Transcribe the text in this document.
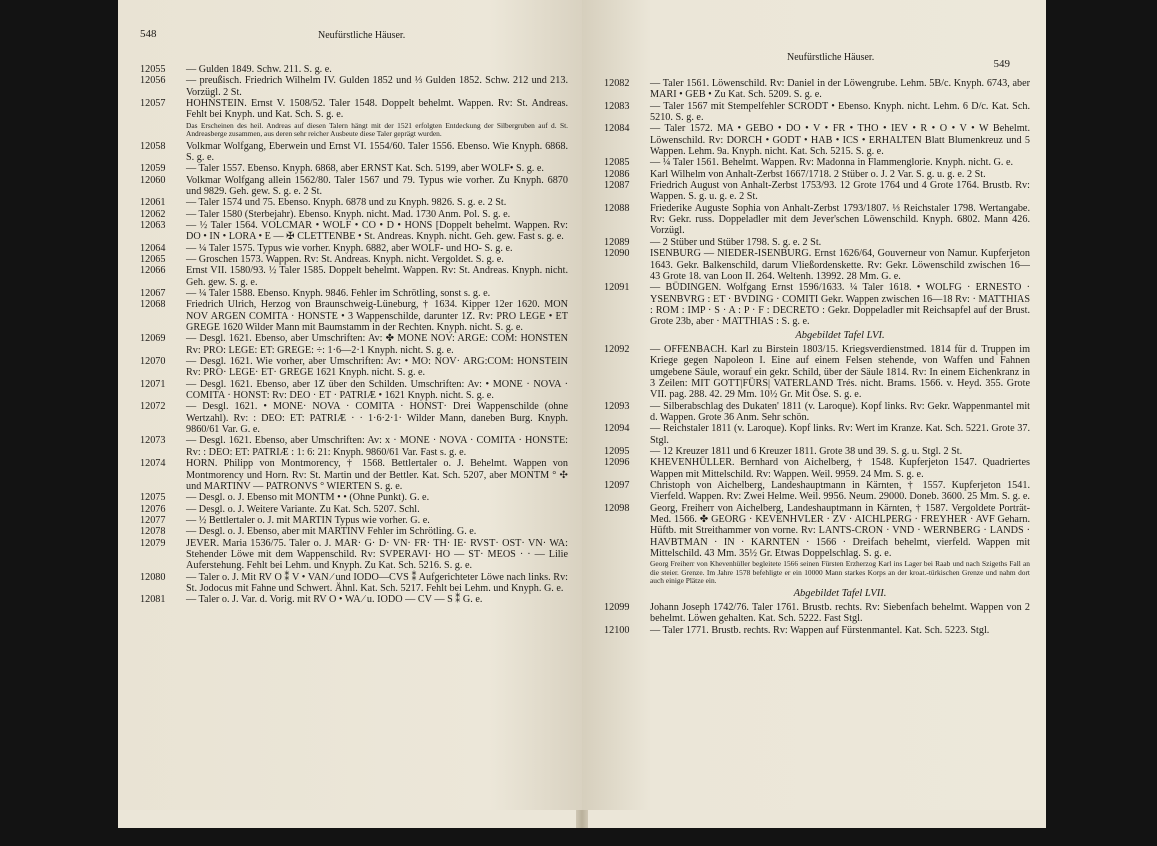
548	Neufürstliche Häuser.
12055	— Gulden 1849. Schw. 211. S. g. e.
12056	— preußisch. Friedrich Wilhelm IV. Gulden 1852 und ⅓ Gulden 1852. Schw. 212 und 213. Vorzügl. 2 St.
12057	HOHNSTEIN. Ernst V. 1508/52. Taler 1548. Doppelt behelmt. Wappen. Rv: St. Andreas. Fehlt bei Knyph. und Kat. Sch. S. g. e.
Das Erscheinen des heil. Andreas auf diesen Talern hängt mit der 1521 erfolgten Entdeckung der Silbergruben auf d. St. Andreasberge zusammen, aus deren sehr reicher Ausbeute diese Taler geprägt wurden.
12058	Volkmar Wolfgang, Eberwein und Ernst VI. 1554/60. Taler 1556. Ebenso. Wie Knyph. 6868. S. g. e.
12059	— Taler 1557. Ebenso. Knyph. 6868, aber ERNST Kat. Sch. 5199, aber WOLF• S. g. e.
12060	Volkmar Wolfgang allein 1562/80. Taler 1567 und 79. Typus wie vorher. Zu Knyph. 6870 und 9829. Geh. gew. S. g. e. 2 St.
12061	— Taler 1574 und 75. Ebenso. Knyph. 6878 und zu Knyph. 9826. S. g. e. 2 St.
12062	— Taler 1580 (Sterbejahr). Ebenso. Knyph. nicht. Mad. 1730 Anm. Pol. S. g. e.
12063	— ½ Taler 1564. VOLCMAR • WOLF • CO • D • HONS [Doppelt behelmt. Wappen. Rv: DO • IN • LORA • E — ✠ CLETTENBE • St. Andreas. Knyph. nicht. Geh. gew. Fast s. g. e.
12064	— ¼ Taler 1575. Typus wie vorher. Knyph. 6882, aber WOLF- und HO- S. g. e.
12065	— Groschen 1573. Wappen. Rv: St. Andreas. Knyph. nicht. Vergoldet. S. g. e.
12066	Ernst VII. 1580/93. ½ Taler 1585. Doppelt behelmt. Wappen. Rv: St. Andreas. Knyph. nicht. Geh. gew. S. g. e.
12067	— ¼ Taler 1588. Ebenso. Knyph. 9846. Fehler im Schrötling, sonst s. g. e.
12068	Friedrich Ulrich, Herzog von Braunschweig-Lüneburg, † 1634. Kipper 12er 1620. MON NOV ARGEN COMITA · HONSTE • 3 Wappenschilde, darunter 1Z. Rv: PRO LEGE • ET GREGE 1620 Wilder Mann mit Baumstamm in der Rechten. Knyph. nicht. S. g. e.
12069	— Desgl. 1621. Ebenso, aber Umschriften: Av: ✤ MONE NOV: ARGE: COM: HONSTEN Rv: PRO: LEGE: ET: GREGE: ÷: 1·6—2·1 Knyph. nicht. S. g. e.
12070	— Desgl. 1621. Wie vorher, aber Umschriften: Av: • MO: NOV· ARG:COM: HONSTEIN Rv: PRO· LEGE· ET· GREGE 1621 Knyph. nicht. S. g. e.
12071	— Desgl. 1621. Ebenso, aber 1Z über den Schilden. Umschriften: Av: • MONE · NOVA · COMITA · HONST: Rv: DEO · ET · PATRIÆ • 1621 Knyph. nicht. S. g. e.
12072	— Desgl. 1621. • MONE· NOVA · COMITA · HONST· Drei Wappenschilde (ohne Wertzahl). Rv: : DEO: ET: PATRIÆ · · 1·6·2·1· Wilder Mann, daneben Burg. Knyph. 9860/61 Var. G. e.
12073	— Desgl. 1621. Ebenso, aber Umschriften: Av: x · MONE · NOVA · COMITA · HONSTE: Rv: : DEO: ET: PATRIÆ : 1: 6: 21: Knyph. 9860/61 Var. Fast s. g. e.
12074	HORN. Philipp von Montmorency, † 1568. Bettlertaler o. J. Behelmt. Wappen von Montmorency und Horn. Rv: St. Martin und der Bettler. Kat. Sch. 5207, aber MONTM ° ✣ und MARTINV — PATRONVS ° WIERTEN S. g. e.
12075	— Desgl. o. J. Ebenso mit MONTM • • (Ohne Punkt). G. e.
12076	— Desgl. o. J. Weitere Variante. Zu Kat. Sch. 5207. Schl.
12077	— ½ Bettlertaler o. J. mit MARTIN Typus wie vorher. G. e.
12078	— Desgl. o. J. Ebenso, aber mit MARTINV Fehler im Schrötling. G. e.
12079	JEVER. Maria 1536/75. Taler o. J. MAR· G· D· VN· FR· TH· IE· RVST· OST· VN· WA: Stehender Löwe mit dem Wappenschild. Rv: SVPERAVI· HO — ST· MEOS · · — Lilie Auferstehung. Fehlt bei Lehm. und Knyph. Zu Kat. Sch. 5216. S. g. e.
12080	— Taler o. J. Mit RV O ⁑ V • VAN ⁄ und IODO—CVS ⁑ Aufgerichteter Löwe nach links. Rv: St. Jodocus mit Fahne und Schwert. Ähnl. Kat. Sch. 5217. Fehlt bei Lehm. und Knyph. G. e.
12081	— Taler o. J. Var. d. Vorig. mit RV O • WA ⁄ u. IODO — CV — S ⁑ G. e.
Neufürstliche Häuser.
549
12082	— Taler 1561. Löwenschild. Rv: Daniel in der Löwengrube. Lehm. 5B/c. Knyph. 6743, aber MARI • GEB • Zu Kat. Sch. 5209. S. g. e.
12083	— Taler 1567 mit Stempelfehler SCRODT • Ebenso. Knyph. nicht. Lehm. 6 D/c. Kat. Sch. 5210. S. g. e.
12084	— Taler 1572. MA • GEBO • DO • V • FR • THO • IEV • R • O • V • W Behelmt. Löwenschild. Rv: DORCH • GODT • HAB • ICS • ERHALTEN Blatt Blumenkreuz und 5 Wappen. Lehm. 9a. Knyph. nicht. Kat. Sch. 5215. S. g. e.
12085	— ¼ Taler 1561. Behelmt. Wappen. Rv: Madonna in Flammenglorie. Knyph. nicht. G. e.
12086	Karl Wilhelm von Anhalt-Zerbst 1667/1718. 2 Stüber o. J. 2 Var. S. g. u. g. e. 2 St.
12087	Friedrich August von Anhalt-Zerbst 1753/93. 12 Grote 1764 und 4 Grote 1764. Brustb. Rv: Wappen. S. g. u. g. e. 2 St.
12088	Friederike Auguste Sophia von Anhalt-Zerbst 1793/1807. ⅓ Reichstaler 1798. Wertangabe. Rv: Gekr. russ. Doppeladler mit dem Jever'schen Löwenschild. Knyph. 6802. Mann 426. Vorzügl.
12089	— 2 Stüber und Stüber 1798. S. g. e. 2 St.
12090	ISENBURG — NIEDER-ISENBURG. Ernst 1626/64, Gouverneur von Namur. Kupferjeton 1643. Gekr. Balkenschild, darum Vließordenskette. Rv: Gekr. Löwenschild zwischen 16—43 Grote 18. van Loon II. 264. Weltenh. 13992. 28 Mm. G. e.
12091	— BÜDINGEN. Wolfgang Ernst 1596/1633. ¼ Taler 1618. • WOLFG · ERNESTO · YSENBVRG : ET · BVDING · COMITI Gekr. Wappen zwischen 16—18 Rv: · MATTHIAS : ROM : IMP · S · A : P · F : DECRETO : Gekr. Doppeladler mit Reichsapfel auf der Brust. Grote 23b, aber · MATTHIAS : S. g. e.
Abgebildet Tafel LVI.
12092	— OFFENBACH. Karl zu Birstein 1803/15. Kriegsverdienstmed. 1814 für d. Truppen im Kriege gegen Napoleon I. Eine auf einem Felsen stehende, von Waffen und Fahnen umgebene Säule, worauf ein gekr. Schild, über der Säule 1814. Rv: In einem Eichenkranz in 3 Zeilen: MIT GOTT|FÜRS| VATERLAND Trés. nicht. Brams. 1566. v. Heyd. 355. Grote VII. pag. 288. 42. 29 Mm. 10½ Gr. Mit Öse. S. g. e.
12093	— Silberabschlag des Dukaten' 1811 (v. Laroque). Kopf links. Rv: Gekr. Wappenmantel mit d. Wappen. Grote 36 Anm. Sehr schön.
12094	— Reichstaler 1811 (v. Laroque). Kopf links. Rv: Wert im Kranze. Kat. Sch. 5221. Grote 37. Stgl.
12095	— 12 Kreuzer 1811 und 6 Kreuzer 1811. Grote 38 und 39. S. g. u. Stgl. 2 St.
12096	KHEVENHÜLLER. Bernhard von Aichelberg, † 1548. Kupferjeton 1547. Quadriertes Wappen mit Mittelschild. Rv: Wappen. Weil. 9959. 24 Mm. S. g. e.
12097	Christoph von Aichelberg, Landeshauptmann in Kärnten, † 1557. Kupferjeton 1541. Vierfeld. Wappen. Rv: Zwei Helme. Weil. 9956. Neum. 29000. Doneb. 3600. 25 Mm. S. g. e.
12098	Georg, Freiherr von Aichelberg, Landeshauptmann in Kärnten, † 1587. Vergoldete Porträt-Med. 1566. ✤ GEORG · KEVENHVLER · ZV · AICHLPERG · FREYHER · AVF Geharn. Hüftb. mit Streithammer von vorne. Rv: LANTS-CRON · VND · WERNBERG · LANDS · HAVBTMAN · IN · KARNTEN · 1566 · Dreifach behelmt, vierfeld. Wappen mit Mittelschild. 43 Mm. 35½ Gr. Etwas Doppelschlag. S. g. e.
Georg Freiherr von Khevenhüller begleitete 1566 seinen Fürsten Erzherzog Karl ins Lager bei Raab und nach Szigeths Fall an die steier. Grenze. Im Jahre 1578 befehligte er ein 10000 Mann starkes Korps an der kroat.-türkischen Grenze und nahm dort auch einige Plätze ein.
Abgebildet Tafel LVII.
12099	Johann Joseph 1742/76. Taler 1761. Brustb. rechts. Rv: Siebenfach behelmt. Wappen von 2 behelmt. Löwen gehalten. Kat. Sch. 5222. Fast Stgl.
12100	— Taler 1771. Brustb. rechts. Rv: Wappen auf Fürstenmantel. Kat. Sch. 5223. Stgl.
